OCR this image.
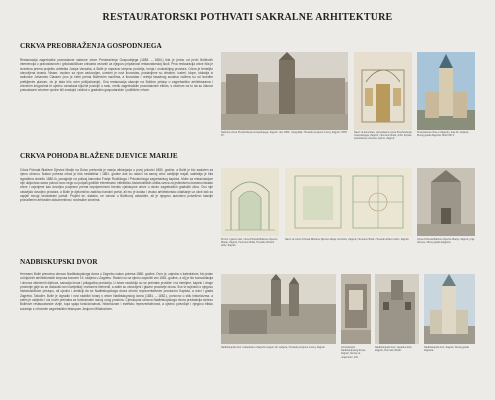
RESTAURATORSKI POTHVATI SAKRALNE ARHITEKTURE
CRKVA PREOBRAŽENJA GOSPODNJEGA
Restauracija zagrebačke pravoslavne saborne crkve Preobraženja Gospodnjega (1883. – 1884.) bila je jedno od prvih Bolléovih intervencija u pravoslavnom i grkokatoličkom crkvama vezanih za njegovu pripadnost restauratorskoj školi. Prva restauracija crkve bila je izvedena prema projektu arhitekta Josipa Vancaša, a Bollé je napravio izmjenu pročelja, tornja i unutrašnjeg prostora. Crkva je temeljito obnovljena izvana. Nisam, osobno sa njom zadovoljan, uveden je novi ikonostas, postavljene su vitražne, lusteri, klupe, stolarija iz radionice Johannes Classen (ovo je četiri prema Bolléovim nacrtima, a ikonostas i retreja fasadnog sustava vođena su od izvedbe pretkljenim planom, do je tada bilo ovim priključivanje). Ova restauracija ukazuje na Bolléov pristup u zagrebačkim arhitekturama i crkvenim krugovima te ujedno označava ključne pozicije u radu, među zagrebačkim pravoslavnim elitom, s obzirom na to da su članovi pravoslavne crkvene općine bili značajni i aktivni u gradskim gospodarskim i političkim vrhom.
CRKVA POHODA BLAŽENE DJEVICE MARIJE
Crkva Pohoda Blažene Djevice Marije na Dolcu pretvorila je manja otklonjanja u prvoj polovici 1880. godine, a Bollé je bio zadužen za njenu obnovu. Nakon potresa crkva je bila nestabilna i 1881. godine dok su radovi na samoj crkvi ozbiljnije trajali, sakristija je bila izgrađena između 1880-ih, ponajprije na poticaj kanonika Franje Rudičkoga i Privostolnoga zagrebačkog kaptola. Motiv za restauracijom nije ukljucivao samo pohod novo nego su potpali gotičkih elemenata i eklektičko-historicističkih oblika sveza za jedinstvenu baroknu fasadu crkve i ocjenjene kao dovoljno povjesne prema nepripremnom brendu cjelokupne crkve u okviru zagrebačkih gradskih ulica. Ovo nije ostavljalo dovoljno prostora, a Bollé je djelomično zadržao barokni portal, ali mu je dodao i visoko arhitektonsko olakšanje uz okvir dok su uspjeli mnogi neodabrani portali. Projekt se, dakako, ne odnosi u Bolléovoj ostavštini, ali je njegovo autorstvo potvrđeno kasnije pronađenim arhivskim dokumentima i novinskim izvorima.
NADBISKUPSKI DVOR
Hermann Bollé preuzima obnovu Nadbiskupskoga dvora u Zagrebu nakon potresa 1880. godine. Dvor je, zajedno s katedralom, bio jedan od ključnih arhitektonskih korpusa koncem 19. stoljeća u Zagrebu. Radovi su na njemu započeli već 1881. godine, a cilj je bio konsolidacija i obnova oštećenih dijelova, sanacija krova i prilagodba prostorija. U istom razdoblju su se preinake proširile i na interijere, kapelu i druge prostorije gdje su se dodavali novi namještaj i rezbareni elementi, a zatim su obnovljeni i glavne prostorije dvora. Sve to svjedoči o njegovu historicističkom pristupu, ali ujedno i ambiciji da se Nadbiskupskoga dvora obnovi reprezentativnim prostorom Kaptola, a crkvi i grada Zagreba. Također, Bollé je izgradio i novi stubišni toranj s vrtom Nadbiskupskog dvora (1881. – 1882.), ponovno u stilu historicizma, a zatim je uslijedio i niz novih preinaka za funkcionalni razvoj ovog prostora. Cjelokupna obnova Nadbiskupskoga dvora predstavlja sintezu Bolléove restauratorske vizije, koja spaja funkcionalnost, historicizam i estetsku reprezentativnost, a ujedno potvrđuje i njegovu blisku suradnju s vrhovnim zagrebačkim biskupom Josipom Mihalovićem.
Saborna crkva Preobraženja Gospodnjega, Zagreb, oko 1890., fotografija: Hrvatski povijesni muzej, Zagreb, HPM 87.
Nacrt za ikonostas, pravoslavna crkva Preobraženja Gospodnjega, Zagreb, Hermann Bollé, Arhiv Srpske pravoslavne crkvene općine, Zagreb.
Pravoslavna crkva u Zagrebu, kraj 19. stoljeća, Muzej grada Zagreba, MGZ 6071.
Prozor i glavni ulaz, crkva Pohoda Blažene Djevice Marije, Zagreb, Hermann Bollé, Hrvatski državni arhiv, Zagreb.
Nacrt za crkvu Pohoda Blažene Djevice Marije na Dolcu, Zagreb, Hermann Bollé, Hrvatski državni arhiv, Zagreb.	Crkva Pohoda Blažene Djevice Marije, Zagreb, prije obnove, Muzej grada Zagreba.
Nadbiskupski dvor i katedrala u Zagrebu krajem 19. stoljeća, Hrvatski povijesni muzej, Zagreb.	Unutrašnjost Nadbiskupskog dvora, Zagreb, Muzej za umjetnost i obrt.
Nadbiskupski dvor, zapadno krilo, Zagreb, Hermann Bollé.
Nadbiskupski dvor, Zagreb, Muzej grada Zagreba.
